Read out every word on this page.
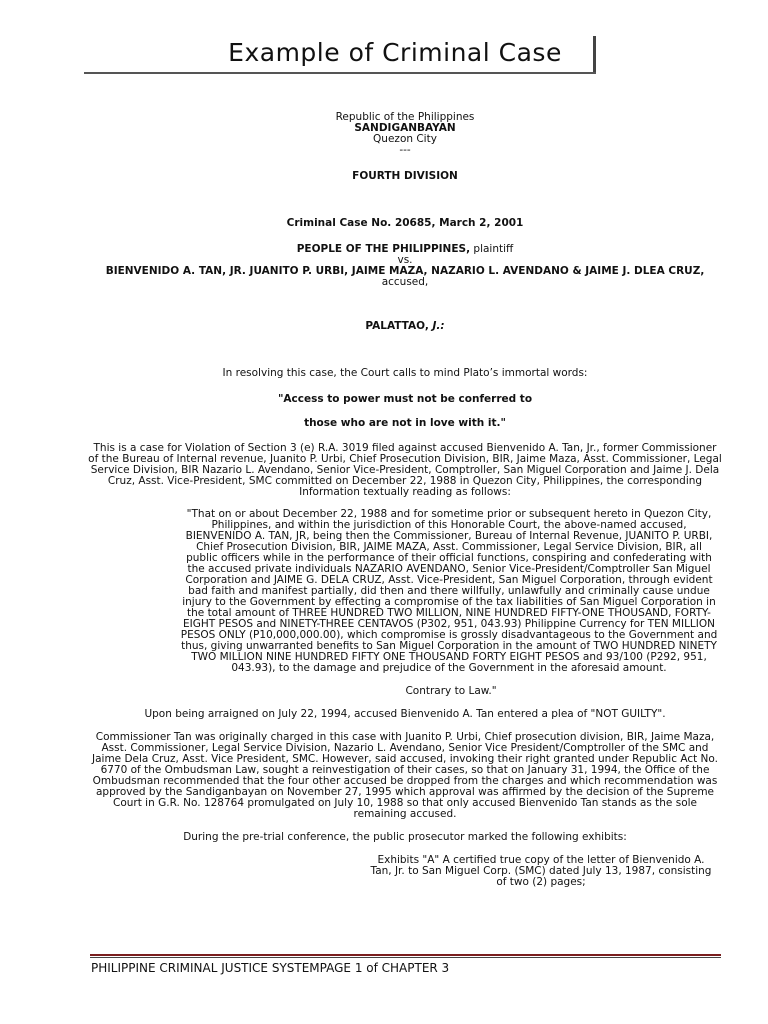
Example of Criminal Case

Republic of the Philippines

SANDIGANBAYAN

Quezon City

---

FOURTH DIVISION

Criminal Case No. 20685, March 2, 2001

PEOPLE OF THE PHILIPPINES, plaintiff

vs.

BIENVENIDO A. TAN, JR. JUANITO P. URBI, JAIME MAZA, NAZARIO L. AVENDANO & JAIME J. DLEA CRUZ, accused,

PALATTAO, J.:

In resolving this case, the Court calls to mind Plato’s immortal words:

"Access to power must not be conferred to

those who are not in love with it."

This is a case for Violation of Section 3 (e) R.A. 3019 filed against accused Bienvenido A. Tan, Jr., former Commissioner of the Bureau of Internal revenue, Juanito P. Urbi, Chief Prosecution Division, BIR, Jaime Maza, Asst. Commissioner, Legal Service Division, BIR Nazario L. Avendano, Senior Vice-President, Comptroller, San Miguel Corporation and Jaime J. Dela Cruz, Asst. Vice-President, SMC committed on December 22, 1988 in Quezon City, Philippines, the corresponding Information textually reading as follows:

"That on or about December 22, 1988 and for sometime prior or subsequent hereto in Quezon City, Philippines, and within the jurisdiction of this Honorable Court, the above-named accused, BIENVENIDO A. TAN, JR, being then the Commissioner, Bureau of Internal Revenue, JUANITO P. URBI, Chief Prosecution Division, BIR, JAIME MAZA, Asst. Commissioner, Legal Service Division, BIR, all public officers while in the performance of their official functions, conspiring and confederating with the accused private individuals NAZARIO AVENDANO, Senior Vice-President/Comptroller San Miguel Corporation and JAIME G. DELA CRUZ, Asst. Vice-President, San Miguel Corporation, through evident bad faith and manifest partially, did then and there willfully, unlawfully and criminally cause undue injury to the Government by effecting a compromise of the tax liabilities of San Miguel Corporation in the total amount of THREE HUNDRED TWO MILLION, NINE HUNDRED FIFTY-ONE THOUSAND, FORTY-EIGHT PESOS and NINETY-THREE CENTAVOS (P302, 951, 043.93) Philippine Currency for TEN MILLION PESOS ONLY (P10,000,000.00), which compromise is grossly disadvantageous to the Government and thus, giving unwarranted benefits to San Miguel Corporation in the amount of TWO HUNDRED NINETY TWO MILLION NINE HUNDRED FIFTY ONE THOUSAND FORTY EIGHT PESOS and 93/100 (P292, 951, 043.93), to the damage and prejudice of the Government in the aforesaid amount.

Contrary to Law."

Upon being arraigned on July 22, 1994, accused Bienvenido A. Tan entered a plea of "NOT GUILTY".

Commissioner Tan was originally charged in this case with Juanito P. Urbi, Chief prosecution division, BIR, Jaime Maza, Asst. Commissioner, Legal Service Division, Nazario L. Avendano, Senior Vice President/Comptroller of the SMC and Jaime Dela Cruz, Asst. Vice President, SMC. However, said accused, invoking their right granted under Republic Act No. 6770 of the Ombudsman Law, sought a reinvestigation of their cases, so that on January 31, 1994, the Office of the Ombudsman recommended that the four other accused be dropped from the charges and which recommendation was approved by the Sandiganbayan on November 27, 1995 which approval was affirmed by the decision of the Supreme Court in G.R. No. 128764 promulgated on July 10, 1988 so that only accused Bienvenido Tan stands as the sole remaining accused.

During the pre-trial conference, the public prosecutor marked the following exhibits:

Exhibits "A" A certified true copy of the letter of Bienvenido A. Tan, Jr. to San Miguel Corp. (SMC) dated July 13, 1987, consisting of two (2) pages;

PHILIPPINE CRIMINAL JUSTICE SYSTEMPAGE 1 of CHAPTER 3
